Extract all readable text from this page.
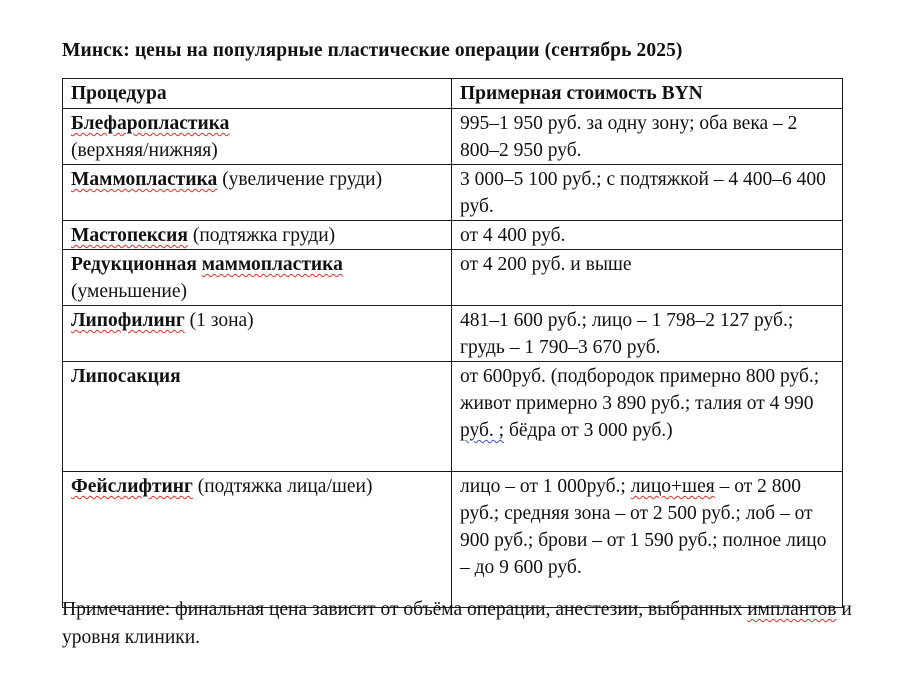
Минск: цены на популярные пластические операции (сентябрь 2025)
Процедура	Примерная стоимость BYN
Блефаропластика
(верхняя/нижняя)	995–1 950 руб. за одну зону; оба века – 2 800–2 950 руб.
Маммопластика (увеличение груди)	3 000–5 100 руб.; с подтяжкой – 4 400–6 400 руб.
Мастопексия (подтяжка груди)	от 4 400 руб.
Редукционная маммопластика
(уменьшение)	от 4 200 руб. и выше
Липофилинг (1 зона)	481–1 600 руб.; лицо – 1 798–2 127 руб.; грудь – 1 790–3 670 руб.
Липосакция	от 600руб. (подбородок примерно 800 руб.; живот примерно 3 890 руб.; талия от 4 990 руб. ; бёдра от 3 000 руб.)
Фейслифтинг (подтяжка лица/шеи)	лицо – от 1 000руб.; лицо+шея – от 2 800 руб.; средняя зона – от 2 500 руб.; лоб – от 900 руб.; брови – от 1 590 руб.; полное лицо – до 9 600 руб.
Примечание: финальная цена зависит от объёма операции, анестезии, выбранных имплантов и уровня клиники.
